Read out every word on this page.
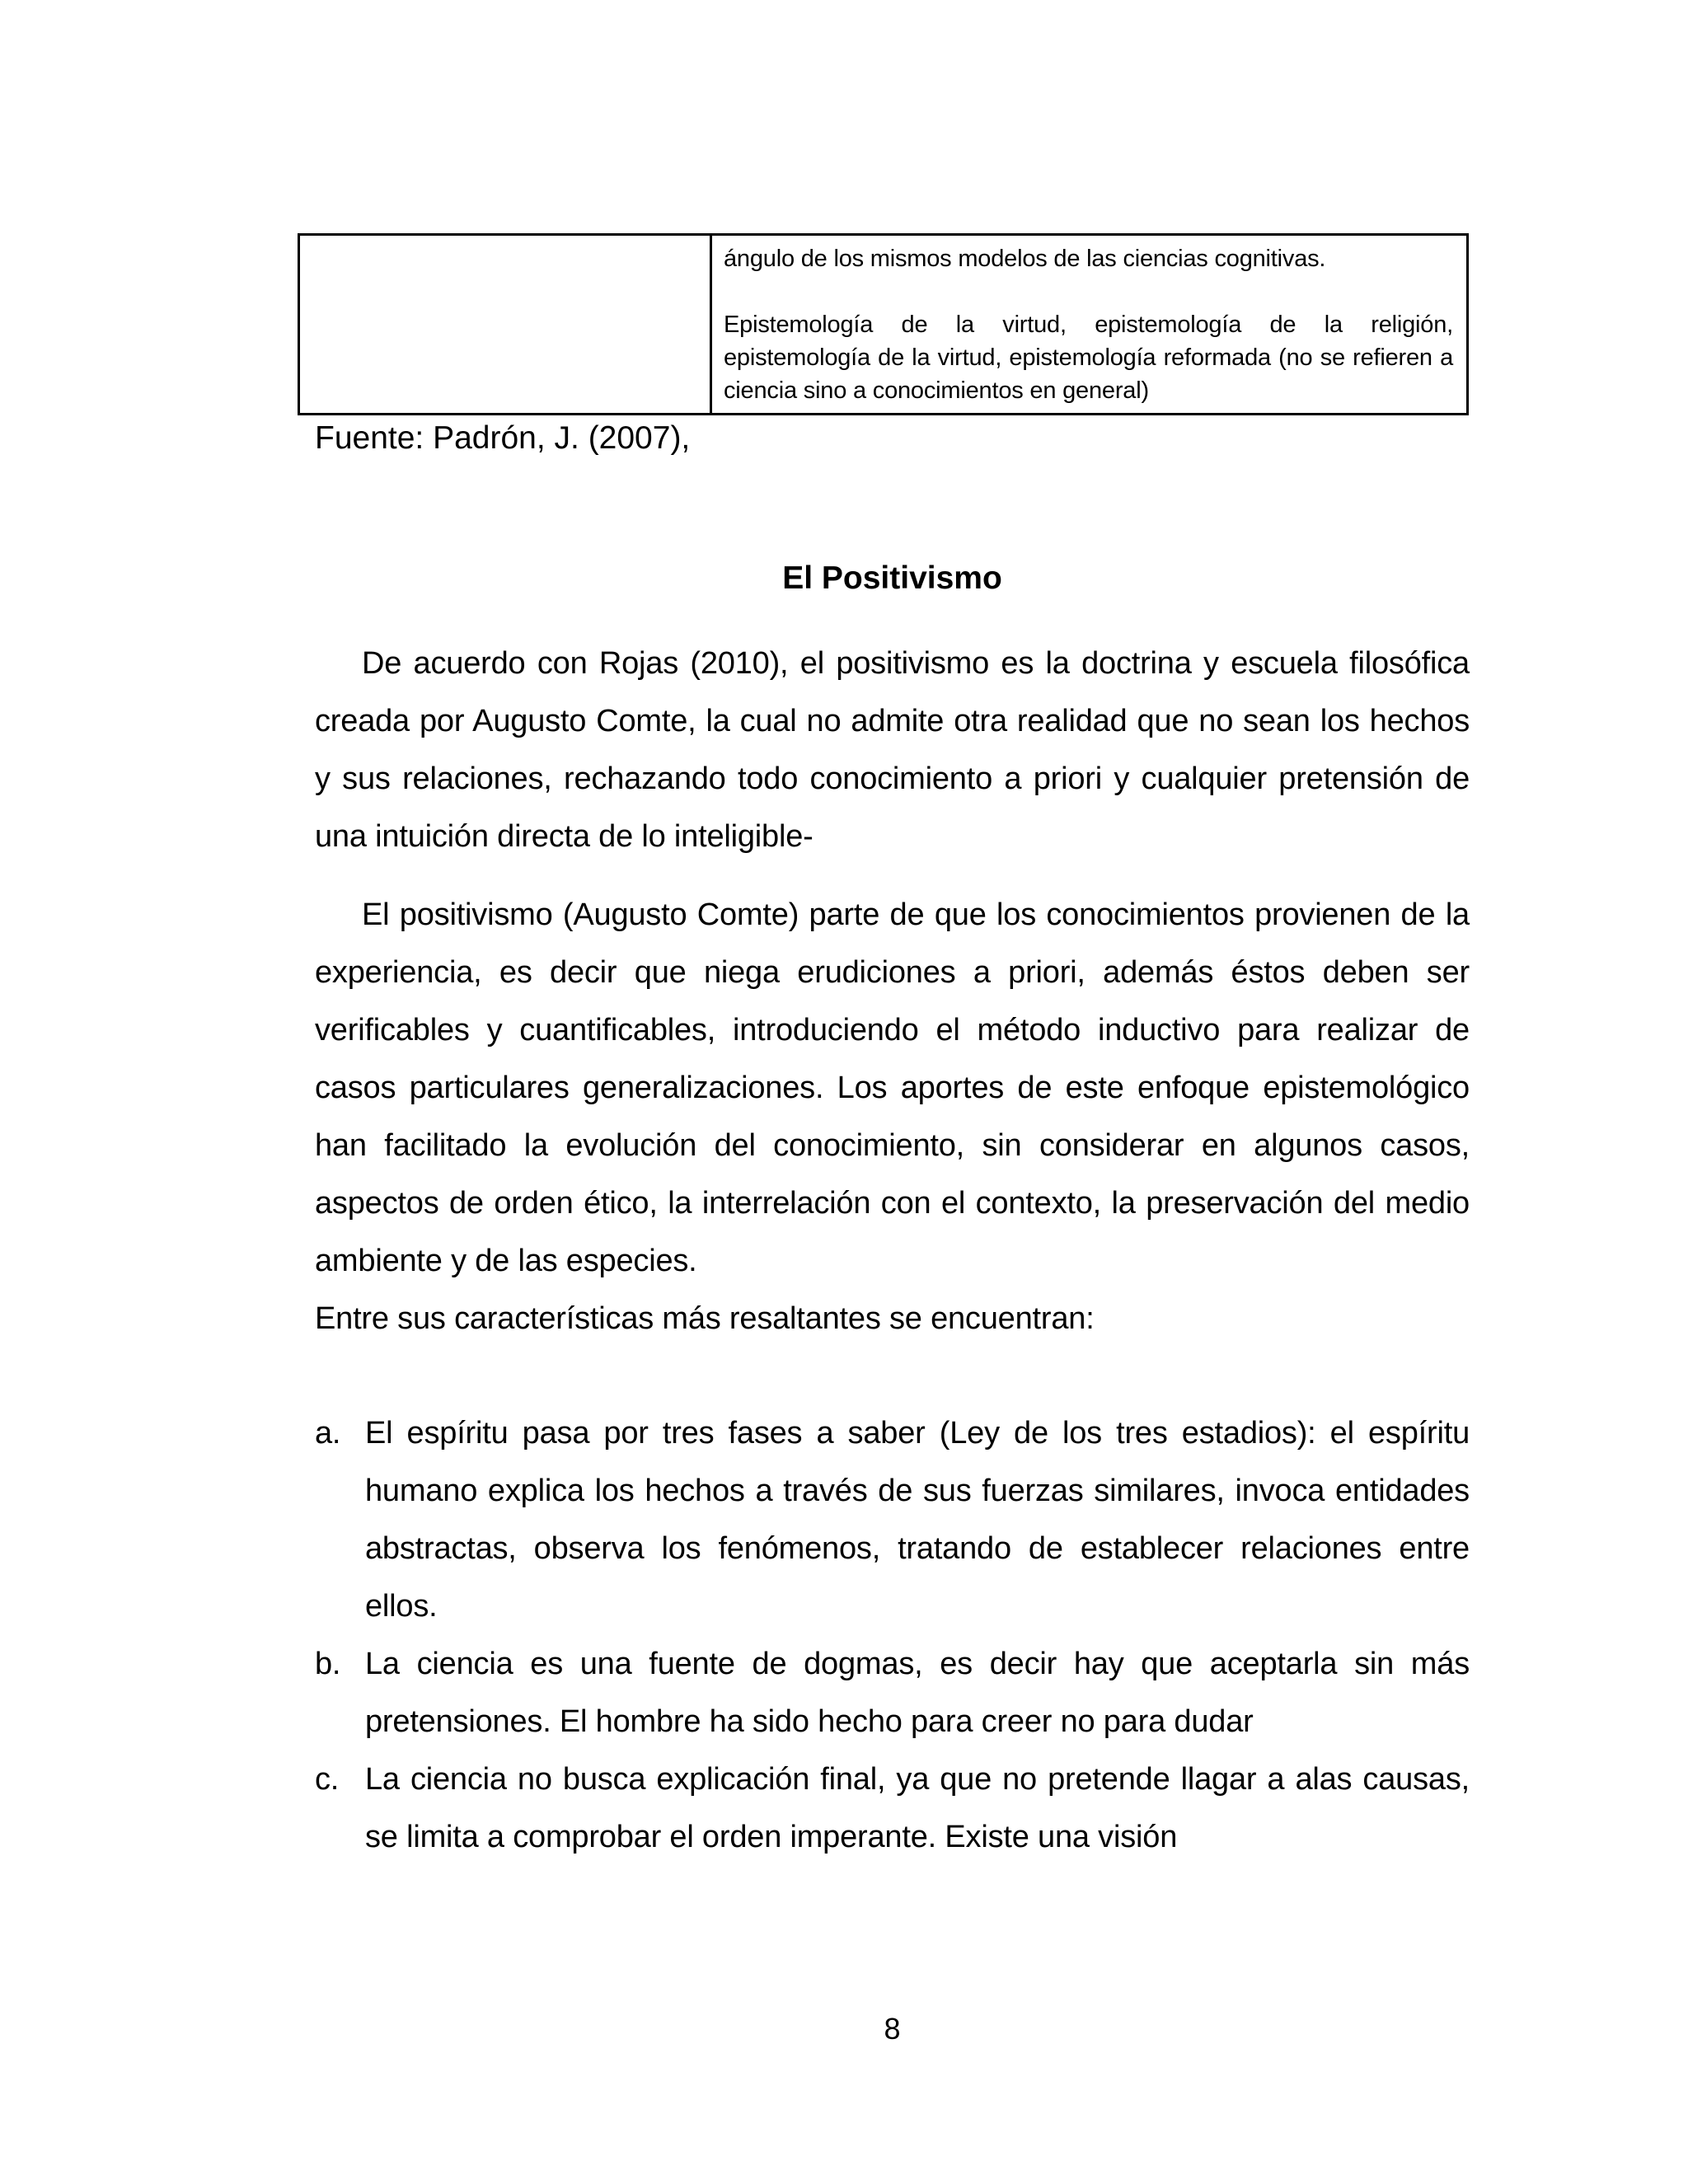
ángulo de los mismos modelos de las ciencias cognitivas.

Epistemología de la virtud, epistemología de la religión, epistemología de la virtud, epistemología reformada (no se refieren a ciencia sino a conocimientos en general)

Fuente: Padrón, J. (2007),
El Positivismo

De acuerdo con Rojas (2010), el positivismo es la doctrina y escuela filosófica creada por Augusto Comte, la cual no admite otra realidad que no sean los hechos y sus relaciones, rechazando todo conocimiento a priori y cualquier pretensión de una intuición directa de lo inteligible-

El positivismo (Augusto Comte) parte de que los conocimientos provienen de la experiencia, es decir que niega erudiciones a priori, además éstos deben ser verificables y cuantificables, introduciendo el método inductivo para realizar de casos particulares generalizaciones. Los aportes de este enfoque epistemológico han facilitado la evolución del conocimiento, sin considerar en algunos casos, aspectos de orden ético, la interrelación con el contexto, la preservación del medio ambiente y de las especies.

Entre sus características más resaltantes se encuentran:

a. El espíritu pasa por tres fases a saber (Ley de los tres estadios): el espíritu humano explica los hechos a través de sus fuerzas similares, invoca entidades abstractas, observa los fenómenos, tratando de establecer relaciones entre ellos.
b. La ciencia es una fuente de dogmas, es decir hay que aceptarla sin más pretensiones. El hombre ha sido hecho para creer no para dudar
c. La ciencia no busca explicación final, ya que no pretende llagar a alas causas, se limita a comprobar el orden imperante. Existe una visión
8
